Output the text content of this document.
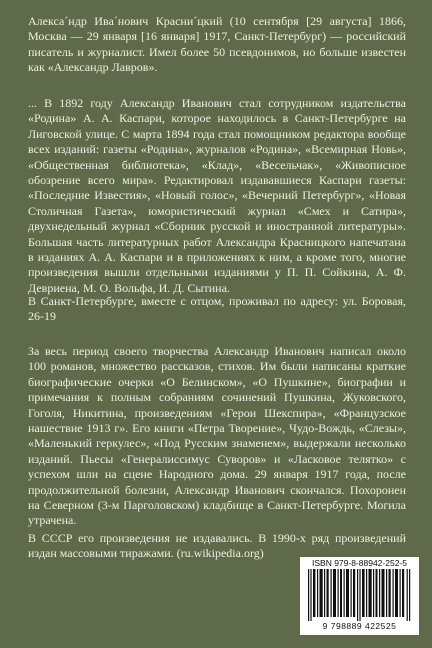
Алекса´ндр Ива´нович Красни´цкий (10 сентября [29 августа] 1866, Москва — 29 января [16 января] 1917, Санкт-Петербург) — российский писатель и журналист. Имел более 50 псевдонимов, но больше известен как «Александр Лавров».
... В 1892 году Александр Иванович стал сотрудником издательства «Родина» А. А. Каспари, которое находилось в Санкт-Петербурге на Лиговской улице. С марта 1894 года стал помощником редактора вообще всех изданий: газеты «Родина», журналов «Родина», «Всемирная Новь», «Общественная библиотека», «Клад», «Весельчак», «Живописное обозрение всего мира». Редактировал издававшиеся Каспари газеты: «Последние Известия», «Новый голос», «Вечерний Петербург», «Новая Столичная Газета», юмористический журнал «Смех и Сатира», двухнедельный журнал «Сборник русской и иностранной литературы». Большая часть литературных работ Александра Красницкого напечатана в изданиях А. А. Каспари и в приложениях к ним, а кроме того, многие произведения вышли отдельными изданиями у П. П. Сойкина, А. Ф. Девриена, М. О. Вольфа, И. Д. Сытина.
В Санкт-Петербурге, вместе с отцом, проживал по адресу: ул. Боровая, 26-19
За весь период своего творчества Александр Иванович написал около 100 романов, множество рассказов, стихов. Им были написаны краткие биографические очерки «О Белинском», «О Пушкине», биографии и примечания к полным собраниям сочинений Пушкина, Жуковского, Гоголя, Никитина, произведениям «Герои Шекспира», «Французское нашествие 1913 г». Его книги «Петра Творение», Чудо-Вождь, «Слезы», «Маленький геркулес», «Под Русским знаменем», выдержали несколько изданий. Пьесы «Генералиссимус Суворов» и «Ласковое телятко» с успехом шли на сцене Народного дома. 29 января 1917 года, после продолжительной болезни, Александр Иванович скончался. Похоронен на Северном (3-м Парголовском) кладбище в Санкт-Петербурге. Могила утрачена.
В СССР его произведения не издавались. В 1990-х ряд произведений издан массовыми тиражами. (ru.wikipedia.org)
ISBN 979-8-88942-252-5
9 798889 422525
